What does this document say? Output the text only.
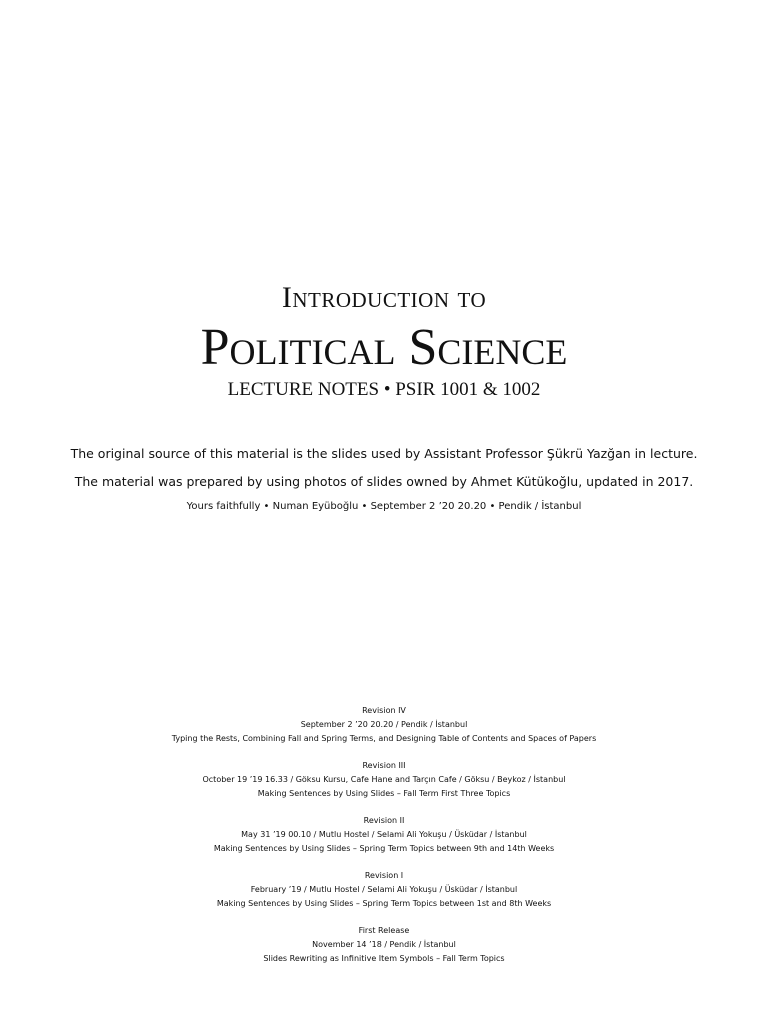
Introduction to
Political Science
LECTURE NOTES • PSIR 1001 & 1002
The original source of this material is the slides used by Assistant Professor Şükrü Yazğan in lecture.
The material was prepared by using photos of slides owned by Ahmet Kütükoğlu, updated in 2017.
Yours faithfully • Numan Eyüboğlu • September 2 ’20 20.20 • Pendik / İstanbul
Revision IV
September 2 ’20 20.20 / Pendik / İstanbul
Typing the Rests, Combining Fall and Spring Terms, and Designing Table of Contents and Spaces of Papers
Revision III
October 19 ’19 16.33 / Göksu Kursu, Cafe Hane and Tarçın Cafe / Göksu / Beykoz / İstanbul
Making Sentences by Using Slides – Fall Term First Three Topics
Revision II
May 31 ’19 00.10 / Mutlu Hostel / Selami Ali Yokuşu / Üsküdar / İstanbul
Making Sentences by Using Slides – Spring Term Topics between 9th and 14th Weeks
Revision I
February ’19 / Mutlu Hostel / Selami Ali Yokuşu / Üsküdar / İstanbul
Making Sentences by Using Slides – Spring Term Topics between 1st and 8th Weeks
First Release
November 14 ’18 / Pendik / İstanbul
Slides Rewriting as Infinitive Item Symbols – Fall Term Topics
